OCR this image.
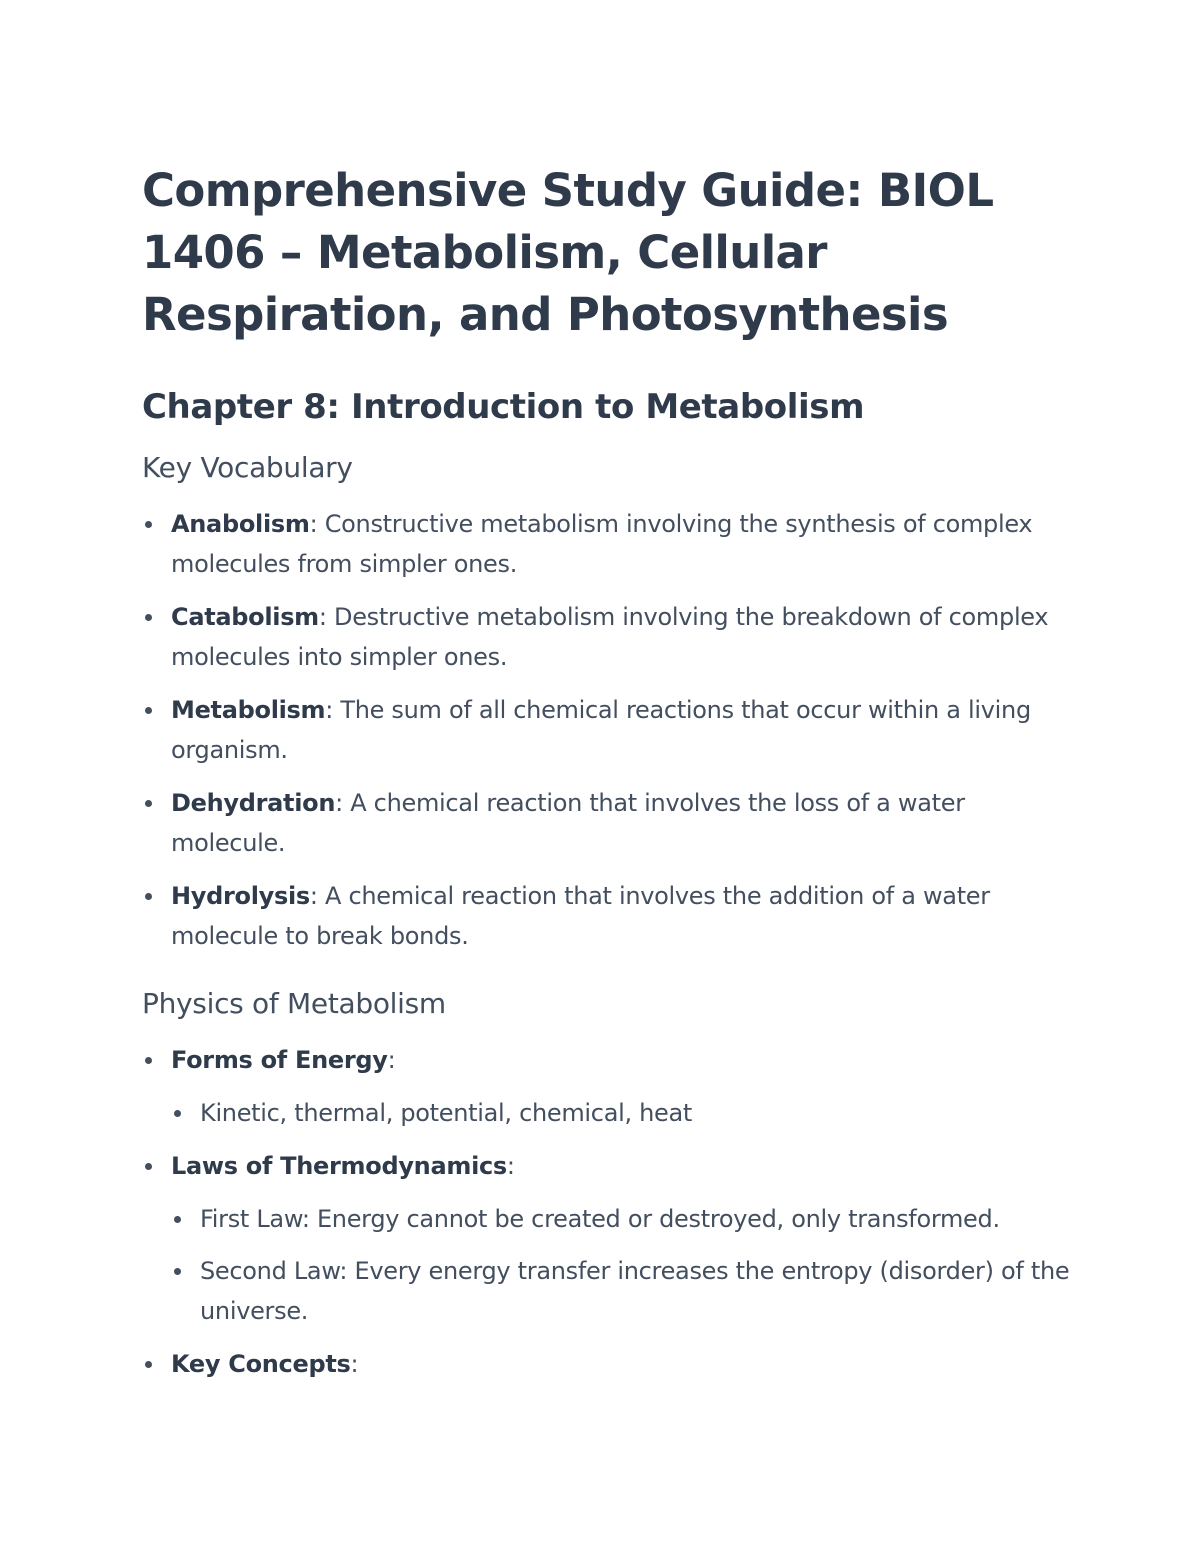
Comprehensive Study Guide: BIOL 1406 – Metabolism, Cellular Respiration, and Photosynthesis
Chapter 8: Introduction to Metabolism
Key Vocabulary
Anabolism: Constructive metabolism involving the synthesis of complex molecules from simpler ones.
Catabolism: Destructive metabolism involving the breakdown of complex molecules into simpler ones.
Metabolism: The sum of all chemical reactions that occur within a living organism.
Dehydration: A chemical reaction that involves the loss of a water molecule.
Hydrolysis: A chemical reaction that involves the addition of a water molecule to break bonds.
Physics of Metabolism
Forms of Energy:
Kinetic, thermal, potential, chemical, heat
Laws of Thermodynamics:
First Law: Energy cannot be created or destroyed, only transformed.
Second Law: Every energy transfer increases the entropy (disorder) of the universe.
Key Concepts:
